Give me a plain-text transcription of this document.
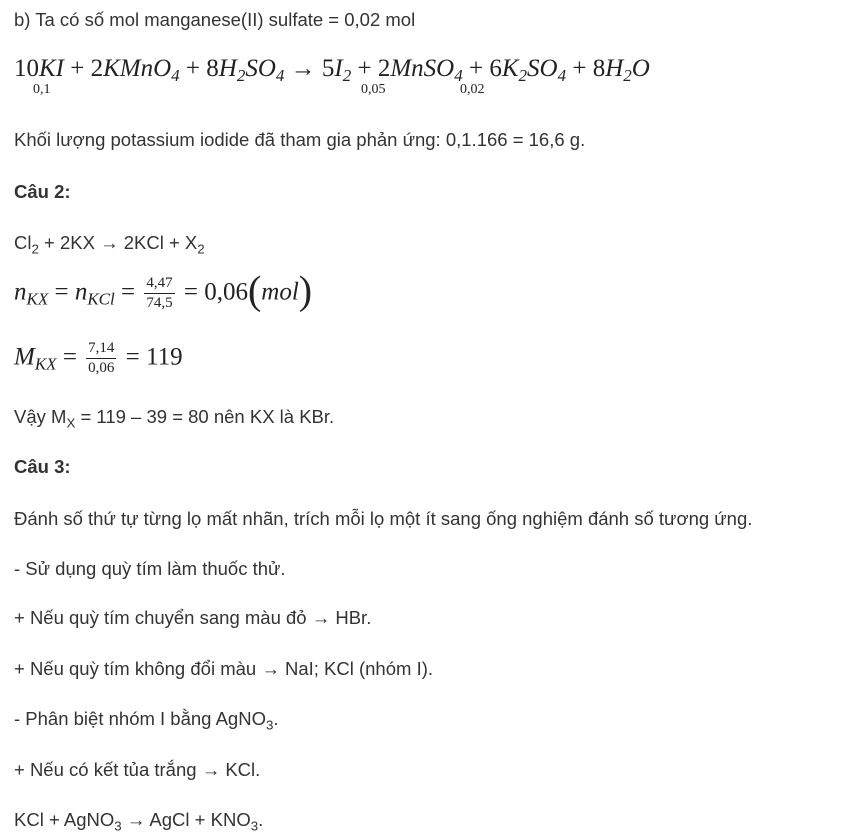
b) Ta có số mol manganese(II) sulfate = 0,02 mol
10KI + 2KMnO$_4$ + $8H_2SO_4 \to 5I_2$ + 2MnSO$_4$ + $6K_2SO_4 + 8H_2O$
0,1	0,05	0,02
Khối lượng potassium iodide đã tham gia phản ứng: 0,1.166 = 16,6 g.
Câu 2:
$Cl_2 + 2KX \to 2KCl + X_2$
$n_{KX} = n_{KCl} = \frac{4,47}{74,5} = 0,06(mol)$
$M_{KX} = \frac{7,14}{0,06} = 119$
Vậy $M_X = 119 - 39 = 80$ nên KX là KBr.
Câu 3:
Đánh số thứ tự từng lọ mất nhãn, trích mỗi lọ một ít sang ống nghiệm đánh số tương ứng.
- Sử dụng quỳ tím làm thuốc thử.
+ Nếu quỳ tím chuyển sang màu đỏ → HBr.
+ Nếu quỳ tím không đổi màu → NaI; KCl (nhóm I).
- Phân biệt nhóm I bằng AgNO$_3$.
+ Nếu có kết tủa trắng → KCl.
KCl + AgNO$_3$ → AgCl + $KNO_3$.
